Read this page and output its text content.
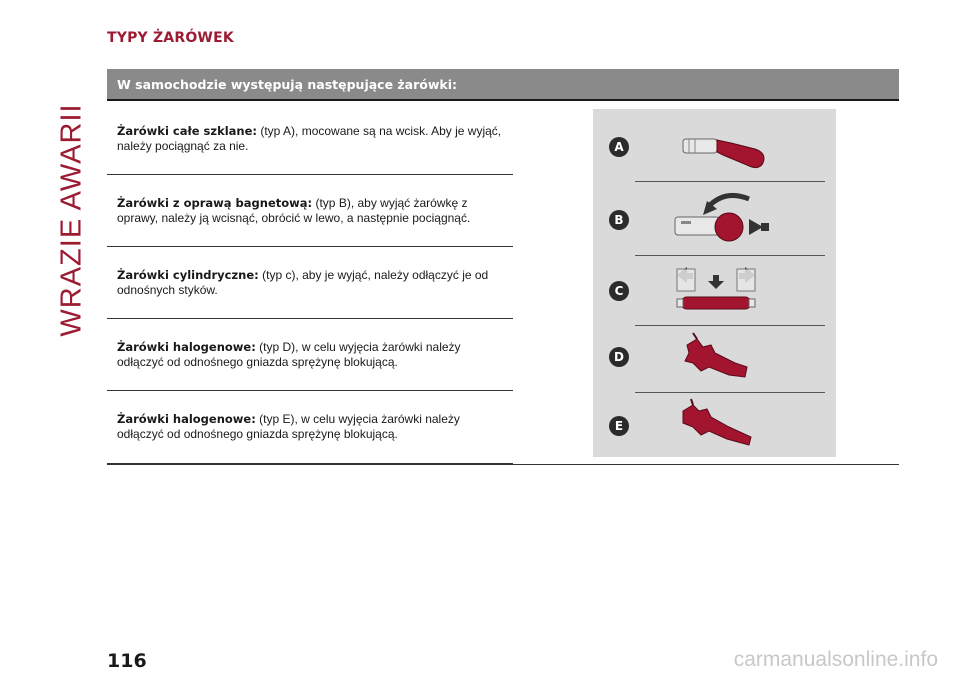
WRAZIE AWARII
TYPY ŻARÓWEK
W samochodzie występują następujące żarówki:
Żarówki całe szklane: (typ A), mocowane są na wcisk. Aby je wyjąć, należy pociągnąć za nie.
Żarówki z oprawą bagnetową: (typ B), aby wyjąć żarówkę z oprawy, należy ją wcisnąć, obrócić w lewo, a następnie pociągnąć.
Żarówki cylindryczne: (typ c), aby je wyjąć, należy odłączyć je od odnośnych styków.
Żarówki halogenowe: (typ D), w celu wyjęcia żarówki należy odłączyć od odnośnego gniazda sprężynę blokującą.
Żarówki halogenowe: (typ E), w celu wyjęcia żarówki należy odłączyć od odnośnego gniazda sprężynę blokującą.
A
B
C
D
E
116	carmanualsonline.info
